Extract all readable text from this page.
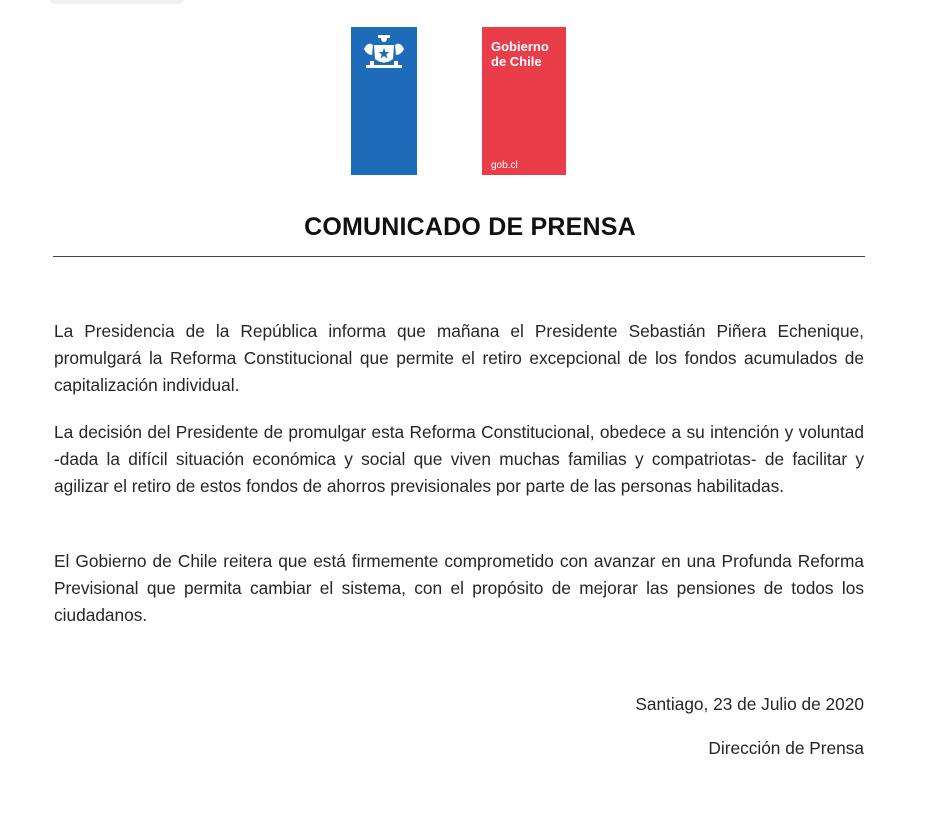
Gobierno
de Chile
gob.cl
COMUNICADO DE PRENSA

La Presidencia de la República informa que mañana el Presidente Sebastián Piñera Echenique, promulgará la Reforma Constitucional que permite el retiro excepcional de los fondos acumulados de capitalización individual.

La decisión del Presidente de promulgar esta Reforma Constitucional, obedece a su intención y voluntad -dada la difícil situación económica y social que viven muchas familias y compatriotas- de facilitar y agilizar el retiro de estos fondos de ahorros previsionales por parte de las personas habilitadas.

El Gobierno de Chile reitera que está firmemente comprometido con avanzar en una Profunda Reforma Previsional que permita cambiar el sistema, con el propósito de mejorar las pensiones de todos los ciudadanos.

Santiago, 23 de Julio de 2020
Dirección de Prensa
